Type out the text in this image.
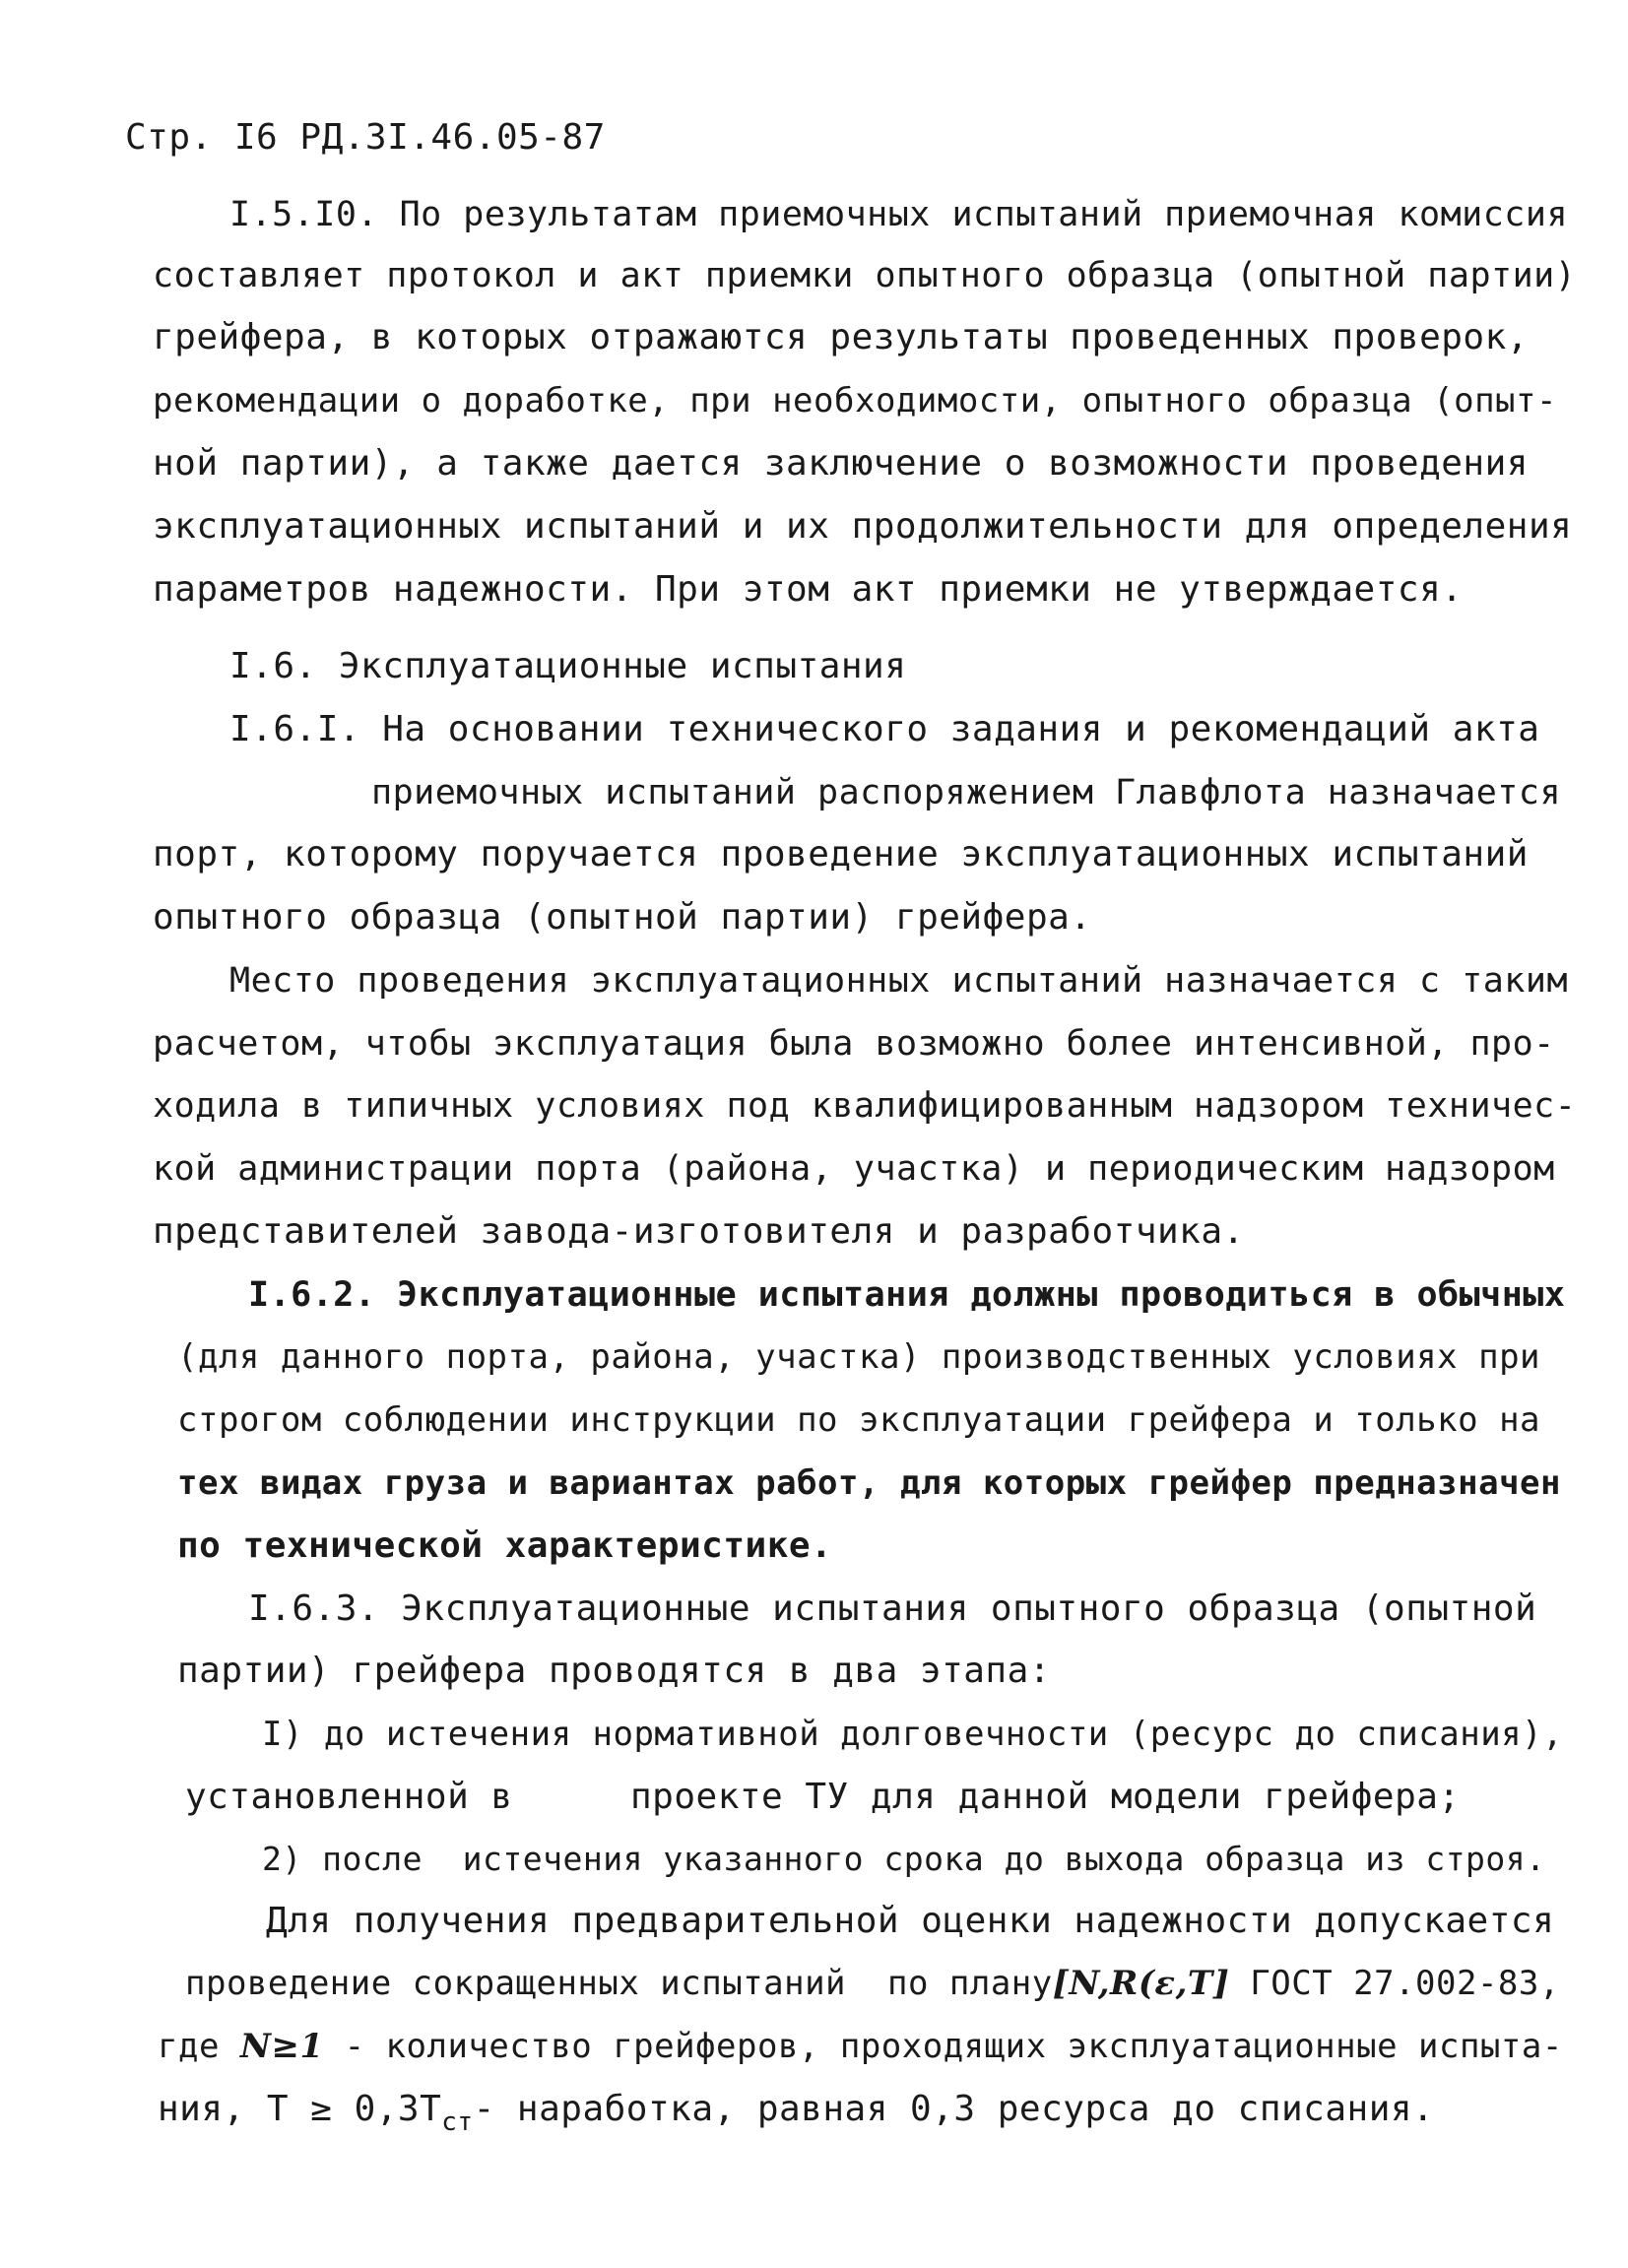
Стр. I6 РД.3I.46.05-87
I.5.I0. По результатам приемочных испытаний приемочная комиссия
составляет протокол и акт приемки опытного образца (опытной партии)
грейфера, в которых отражаются результаты проведенных проверок,
рекомендации о доработке, при необходимости, опытного образца (опыт-
ной партии), а также дается заключение о возможности проведения
эксплуатационных испытаний и их продолжительности для определения
параметров надежности. При этом акт приемки не утверждается.
I.6. Эксплуатационные испытания
I.6.I. На основании технического задания и рекомендаций акта
приемочных испытаний распоряжением Главфлота назначается
порт, которому поручается проведение эксплуатационных испытаний
опытного образца (опытной партии) грейфера.
Место проведения эксплуатационных испытаний назначается с таким
расчетом, чтобы эксплуатация была возможно более интенсивной, про-
ходила в типичных условиях под квалифицированным надзором техничес-
кой администрации порта (района, участка) и периодическим надзором
представителей завода-изготовителя и разработчика.
I.6.2. Эксплуатационные испытания должны проводиться в обычных
(для данного порта, района, участка) производственных условиях при
строгом соблюдении инструкции по эксплуатации грейфера и только на
тех видах груза и вариантах работ, для которых грейфер предназначен
по технической характеристике.
I.6.3. Эксплуатационные испытания опытного образца (опытной
партии) грейфера проводятся в два этапа:
I) до истечения нормативной долговечности (ресурс до списания),
установленной в	проекте ТУ для данной модели грейфера;
2) после  истечения указанного срока до выхода образца из строя.
Для получения предварительной оценки надежности допускается
проведение сокращенных испытаний  по плану[N,R(ε,T] ГОСТ 27.002-83,
где N≥1 - количество грейферов, проходящих эксплуатационные испыта-
ния, $Т \ge 0,3Т_{ст}-$ наработка, равная 0,3 ресурса до списания.
